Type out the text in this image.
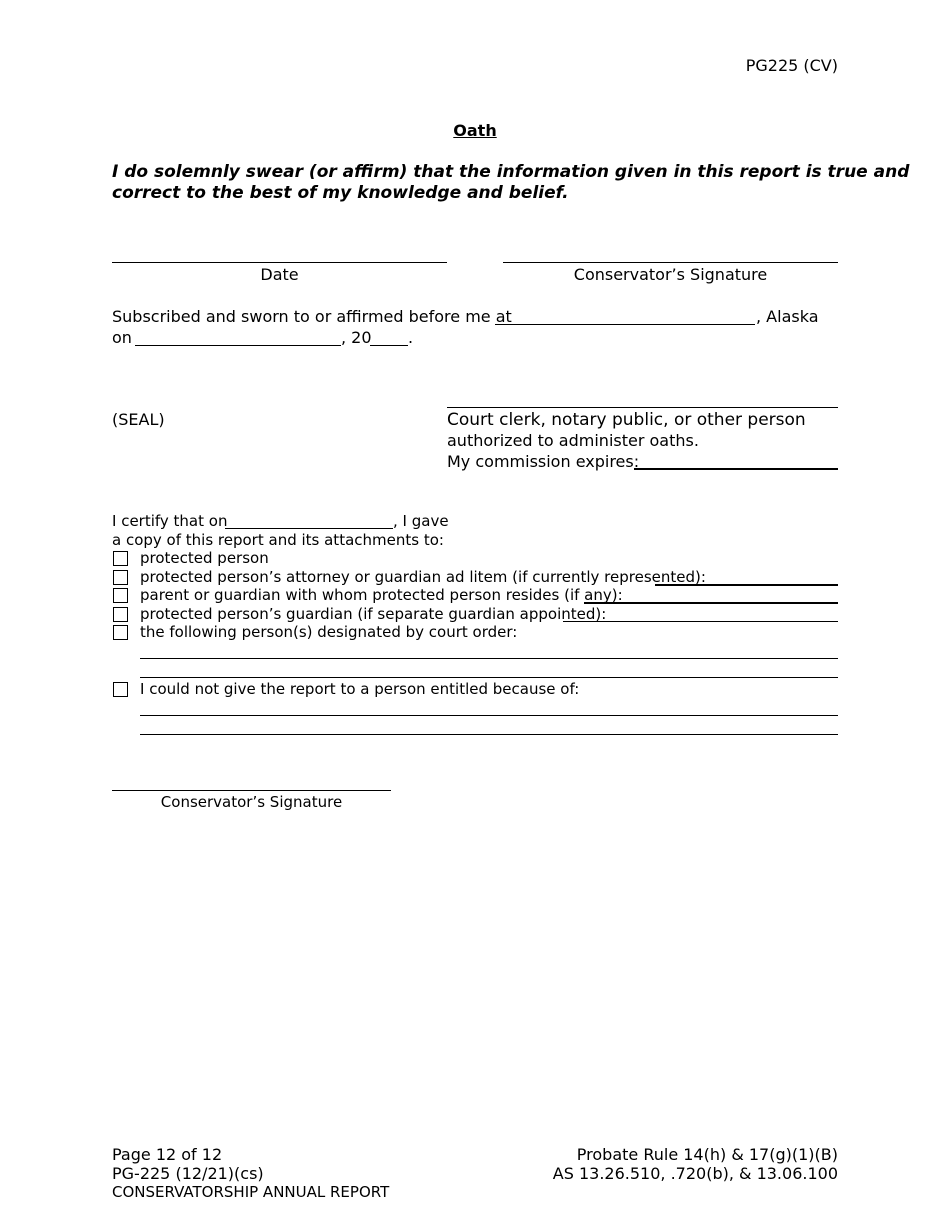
PG225 (CV)
Oath
I do solemnly swear (or affirm) that the information given in this report is true and
correct to the best of my knowledge and belief.
Date	Conservator’s Signature
Subscribed and sworn to or affirmed before me at	, Alaska
on	, 20 .
(SEAL)	Court clerk, notary public, or other person
authorized to administer oaths.
My commission expires:
I certify that on	, I gave
a copy of this report and its attachments to:
protected person
protected person’s attorney or guardian ad litem (if currently represented):
parent or guardian with whom protected person resides (if any):
protected person’s guardian (if separate guardian appointed):
the following person(s) designated by court order:
I could not give the report to a person entitled because of:
Conservator’s Signature
Page 12 of 12
PG-225 (12/21)(cs)
CONSERVATORSHIP ANNUAL REPORT
Probate Rule 14(h) & 17(g)(1)(B)
AS 13.26.510, .720(b), & 13.06.100
